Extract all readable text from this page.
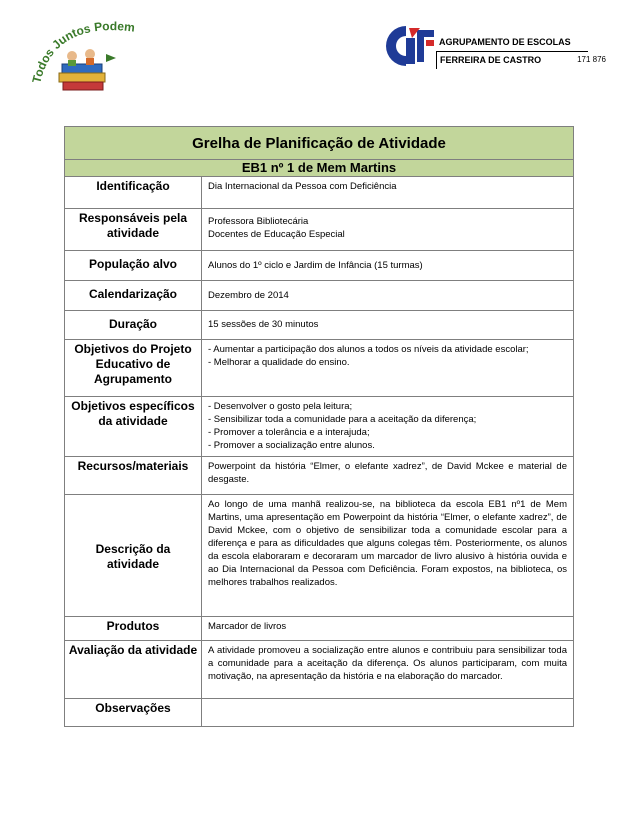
odos Juntos Podem
AGRUPAMENTO DE ESCOLAS
FERREIRA DE CASTRO	171 876
Grelha de Planificação de Atividade	
EB1 nº 1 de Mem Martins	
Identificação	Dia Internacional da Pessoa com Deficiência
Responsáveis pela atividade	Professora Bibliotecária
Docentes de Educação Especial

População alvo	Alunos do 1º ciclo e Jardim de Infância (15 turmas)
Calendarização	Dezembro de 2014
Duração	15 sessões de 30 minutos
Objetivos do Projeto Educativo de Agrupamento	- Aumentar a participação dos alunos a todos os níveis da atividade escolar;
- Melhorar a qualidade do ensino.

Objetivos específicos da atividade	- Desenvolver o gosto pela leitura;
- Sensibilizar toda a comunidade para a aceitação da diferença;
- Promover a tolerância e a interajuda;
- Promover a socialização entre alunos.

Recursos/materiais	Powerpoint da história “Elmer, o elefante xadrez”, de David Mckee e material de desgaste.
Descrição da atividade	Ao longo de uma manhã realizou-se, na biblioteca da escola EB1 nº1 de Mem Martins, uma apresentação em Powerpoint da história “Elmer, o elefante xadrez”, de David Mckee, com o objetivo de sensibilizar toda a comunidade escolar para a diferença e para as dificuldades que alguns colegas têm. Posteriormente, os alunos da escola elaboraram e decoraram um marcador de livro alusivo à história ouvida e ao Dia Internacional da Pessoa com Deficiência. Foram expostos, na biblioteca, os melhores trabalhos realizados.
Produtos	Marcador de livros
Avaliação da atividade	A atividade promoveu a socialização entre alunos e contribuiu para sensibilizar toda a comunidade para a aceitação da diferença. Os alunos participaram, com muita motivação, na apresentação da história e na elaboração do marcador.
Observações	
